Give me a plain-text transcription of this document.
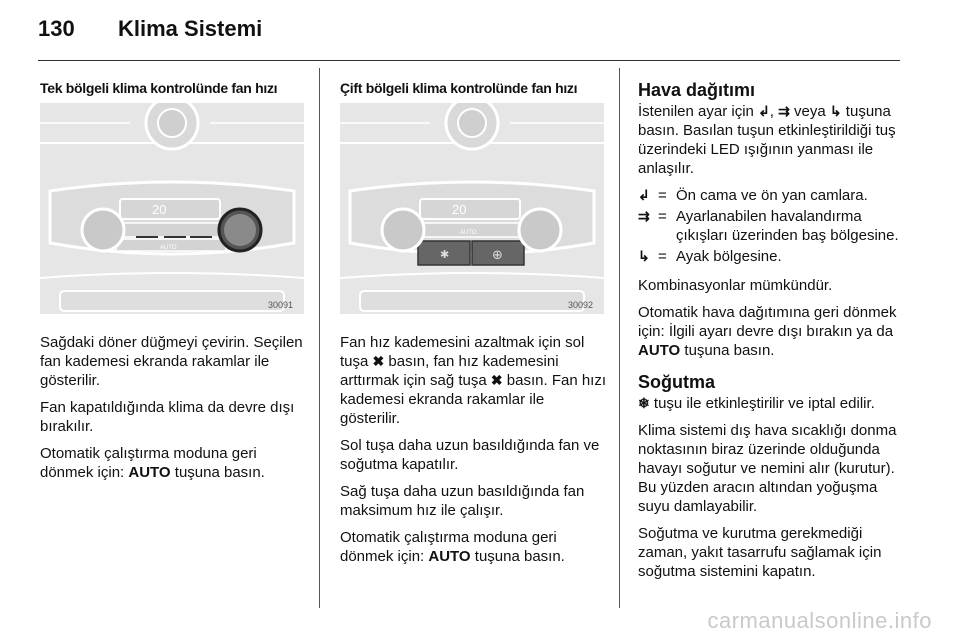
130 Klima Sistemi
Tek bölgeli klima kontrolünde fan hızı
20
AUTO
30091

Sağdaki döner düğmeyi çevirin. Seçilen fan kademesi ekranda rakamlar ile gösterilir.

Fan kapatıldığında klima da devre dışı bırakılır.

Otomatik çalıştırma moduna geri dönmek için: AUTO tuşuna basın.

Çift bölgeli klima kontrolünde fan hızı
20
AUTO
✱	⊕
30092

Fan hız kademesini azaltmak için sol tuşa ✖ basın, fan hız kademesini arttırmak için sağ tuşa ✖ basın. Fan hızı kademesi ekranda rakamlar ile gösterilir.

Sol tuşa daha uzun basıldığında fan ve soğutma kapatılır.

Sağ tuşa daha uzun basıldığında fan maksimum hız ile çalışır.

Otomatik çalıştırma moduna geri dönmek için: AUTO tuşuna basın.

Hava dağıtımı

İstenilen ayar için ↲, ⇉ veya ↳ tuşuna basın. Basılan tuşun etkinleştirildiği tuş üzerindeki LED ışığının yanması ile anlaşılır.

↲ = Ön cama ve ön yan camlara.
⇉ = Ayarlanabilen havalandırma çıkışları üzerinden baş bölgesine.
↳ = Ayak bölgesine.

Kombinasyonlar mümkündür.

Otomatik hava dağıtımına geri dönmek için: İlgili ayarı devre dışı bırakın ya da AUTO tuşuna basın.

Soğutma

❄ tuşu ile etkinleştirilir ve iptal edilir.

Klima sistemi dış hava sıcaklığı donma noktasının biraz üzerinde olduğunda havayı soğutur ve nemini alır (kurutur). Bu yüzden aracın altından yoğuşma suyu damlayabilir.

Soğutma ve kurutma gerekmediği zaman, yakıt tasarrufu sağlamak için soğutma sistemini kapatın.

carmanualsonline.info
